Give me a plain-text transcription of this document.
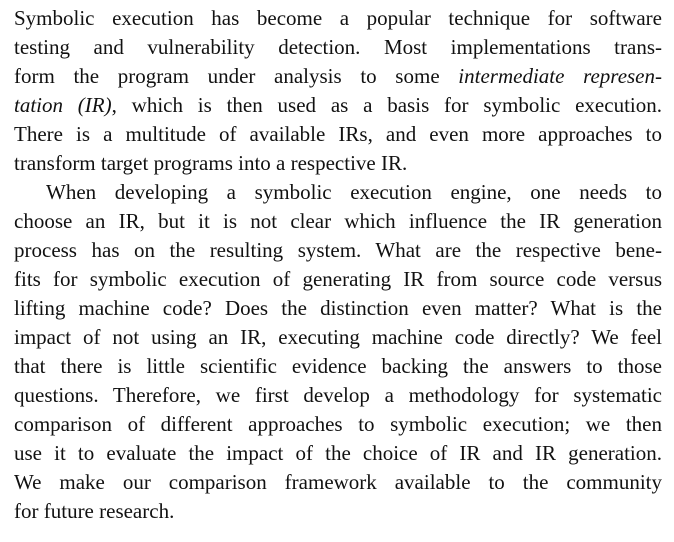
Symbolic execution has become a popular technique for software
testing and vulnerability detection. Most implementations trans-
form the program under analysis to some intermediate represen-
tation (IR), which is then used as a basis for symbolic execution.
There is a multitude of available IRs, and even more approaches to
transform target programs into a respective IR.
When developing a symbolic execution engine, one needs to
choose an IR, but it is not clear which influence the IR generation
process has on the resulting system. What are the respective bene-
fits for symbolic execution of generating IR from source code versus
lifting machine code? Does the distinction even matter? What is the
impact of not using an IR, executing machine code directly? We feel
that there is little scientific evidence backing the answers to those
questions. Therefore, we first develop a methodology for systematic
comparison of different approaches to symbolic execution; we then
use it to evaluate the impact of the choice of IR and IR generation.
We make our comparison framework available to the community
for future research.
